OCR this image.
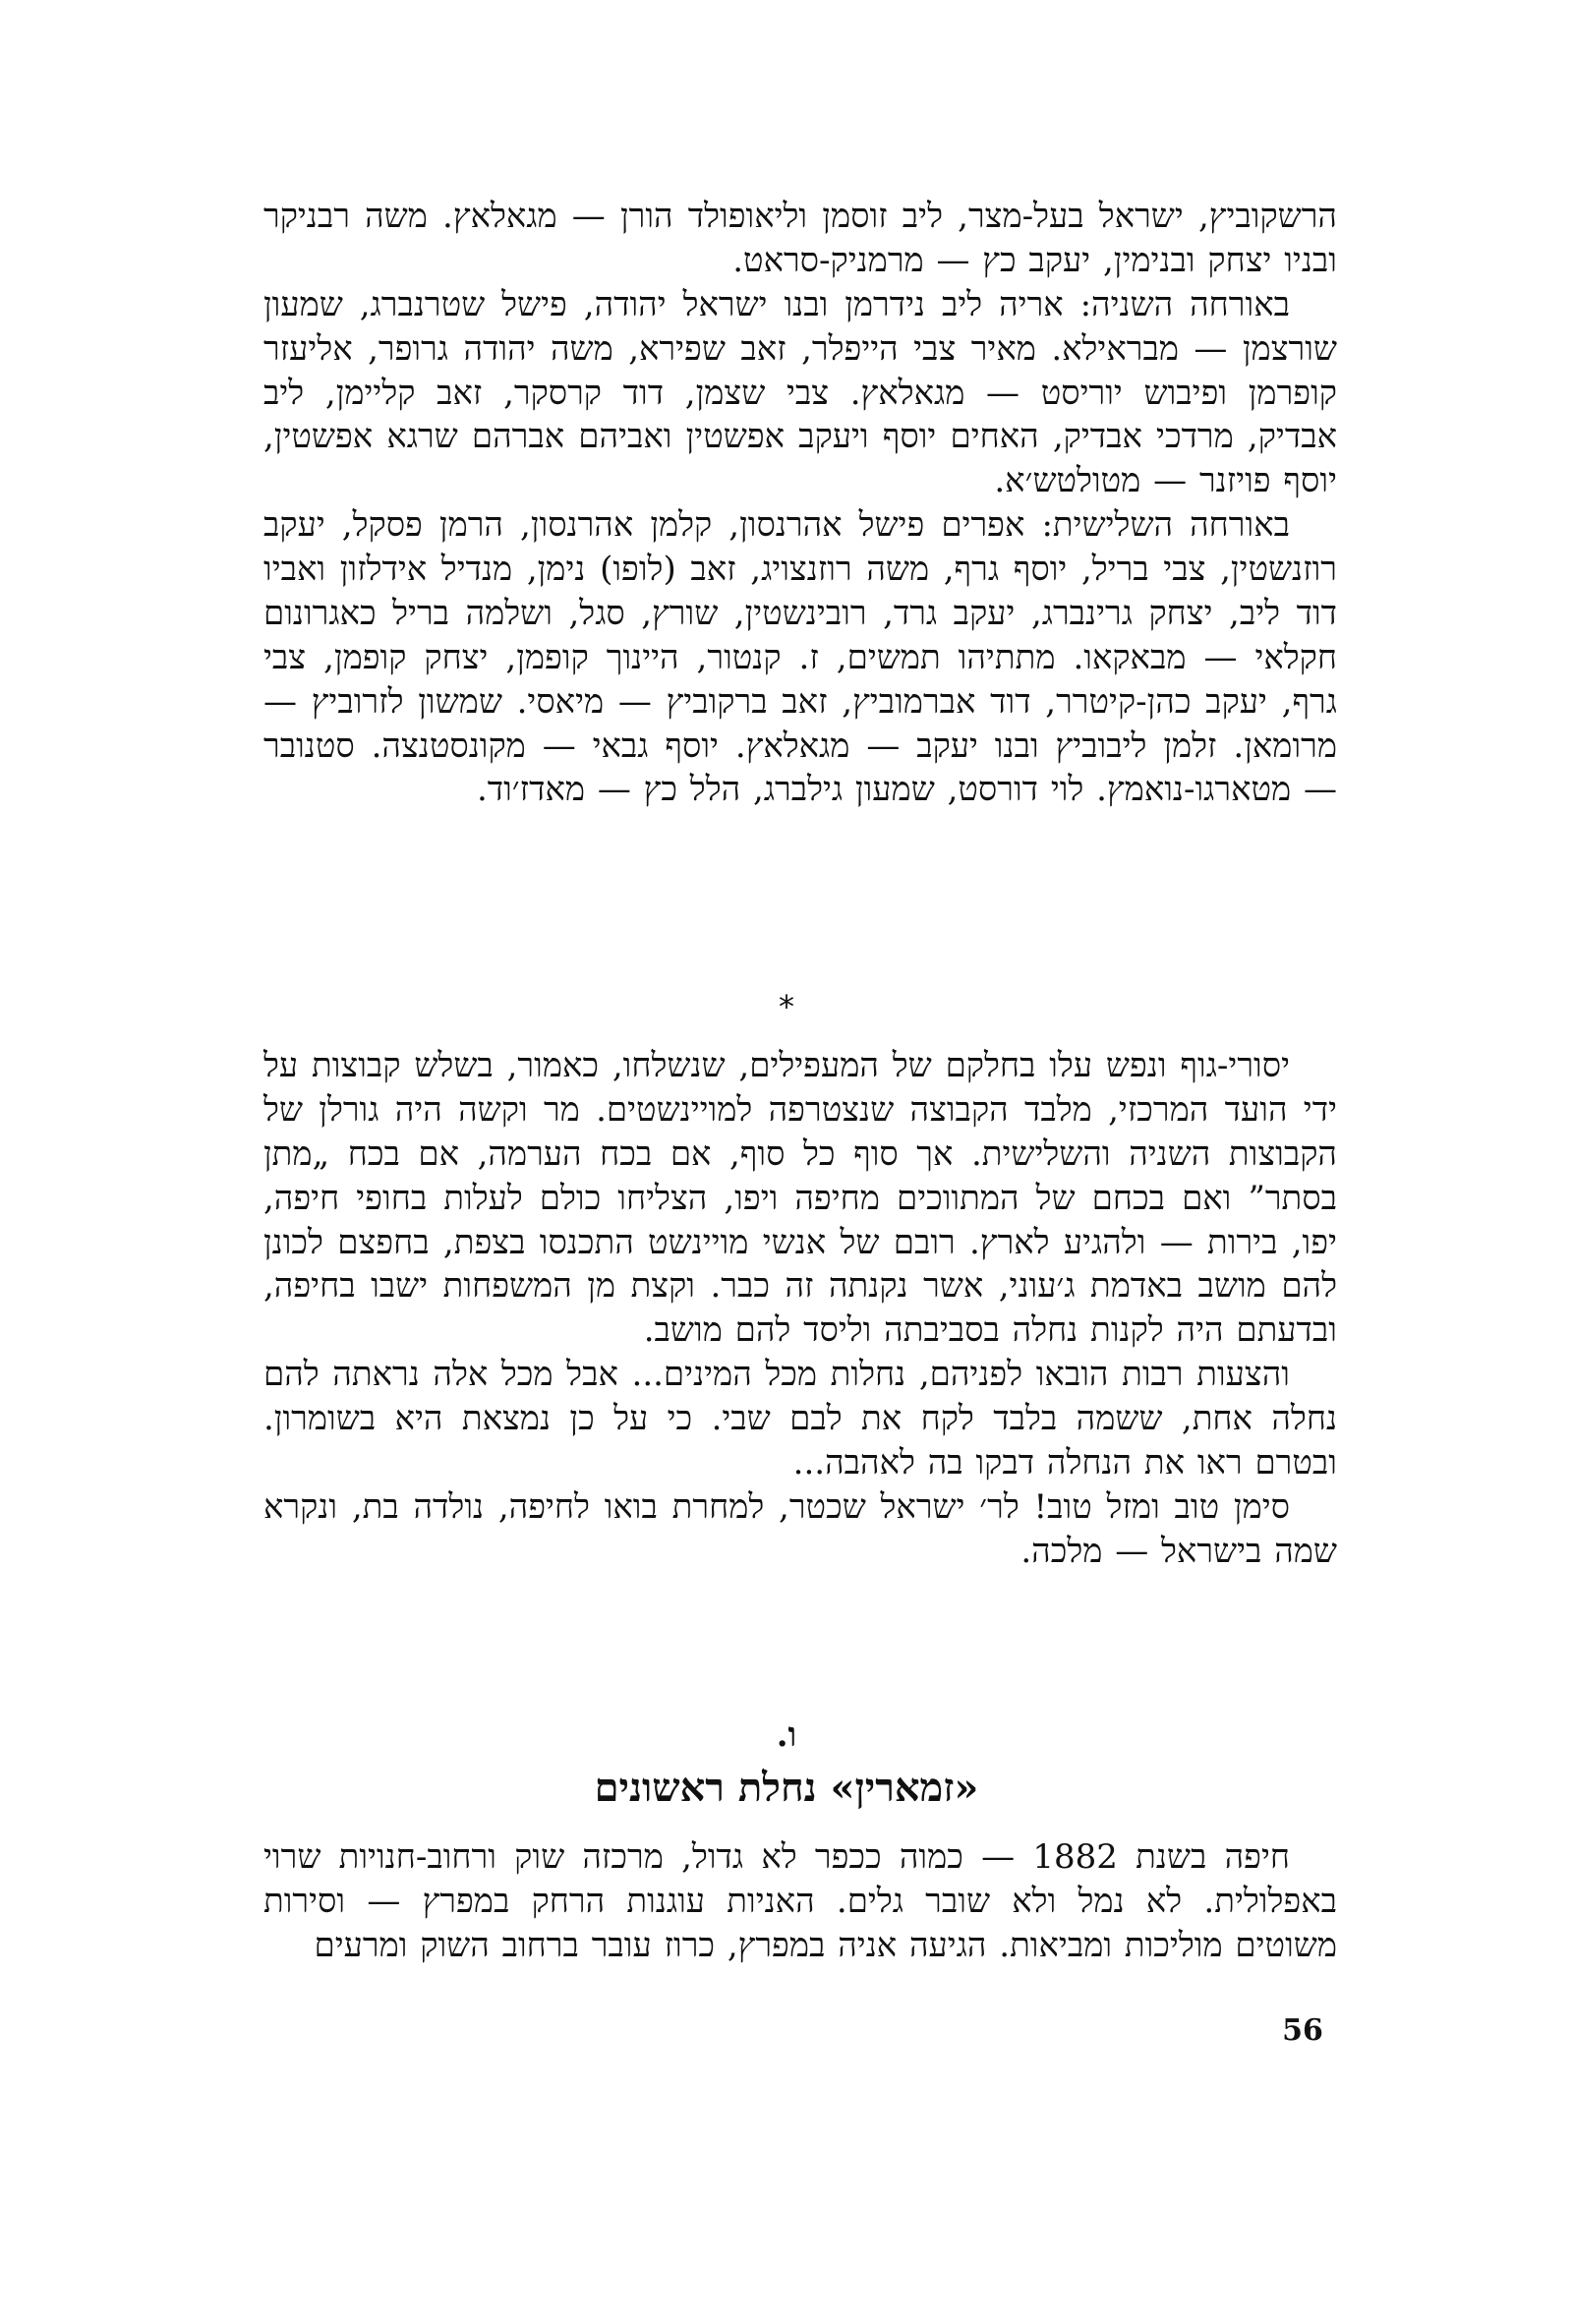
הרשקוביץ, ישראל בעל-מצר, ליב זוסמן וליאופולד הורן — מגאלאץ. משה רבניקר ובניו יצחק ובנימין, יעקב כץ — מרמניק-סראט.

באורחה השניה: אריה ליב נידרמן ובנו ישראל יהודה, פישל שטרנברג, שמעון שורצמן — מבראילא. מאיר צבי הייפלר, זאב שפירא, משה יהודה גרופר, אליעזר קופרמן ופיבוש יוריסט — מגאלאץ. צבי שצמן, דוד קרסקר, זאב קליימן, ליב אבדיק, מרדכי אבדיק, האחים יוסף ויעקב אפשטין ואביהם אברהם שרגא אפשטין, יוסף פויזנר — מטולטש׳א.

באורחה השלישית: אפרים פישל אהרנסון, קלמן אהרנסון, הרמן פסקל, יעקב רוזנשטין, צבי בריל, יוסף גרף, משה רוזנצויג, זאב (לופו) נימן, מנדיל אידלזון ואביו דוד ליב, יצחק גרינברג, יעקב גרד, רובינשטין, שורץ, סגל, ושלמה בריל כאגרונום חקלאי — מבאקאו. מתתיהו תמשים, ז. קנטור, היינוך קופמן, יצחק קופמן, צבי גרף, יעקב כהן-קיטרר, דוד אברמוביץ, זאב ברקוביץ — מיאסי. שמשון לזרוביץ — מרומאן. זלמן ליבוביץ ובנו יעקב — מגאלאץ. יוסף גבאי — מקונסטנצה. סטנובר — מטארגו-נואמץ. לוי דורסט, שמעון גילברג, הלל כץ — מאדז׳וד.

*

יסורי-גוף ונפש עלו בחלקם של המעפילים, שנשלחו, כאמור, בשלש קבוצות על ידי הועד המרכזי, מלבד הקבוצה שנצטרפה למויינשטים. מר וקשה היה גורלן של הקבוצות השניה והשלישית. אך סוף כל סוף, אם בכח הערמה, אם בכח „מתן בסתר” ואם בכחם של המתווכים מחיפה ויפו, הצליחו כולם לעלות בחופי חיפה, יפו, בירות — ולהגיע לארץ. רובם של אנשי מויינשט התכנסו בצפת, בחפצם לכונן להם מושב באדמת ג׳עוני, אשר נקנתה זה כבר. וקצת מן המשפחות ישבו בחיפה, ובדעתם היה לקנות נחלה בסביבתה וליסד להם מושב.

והצעות רבות הובאו לפניהם, נחלות מכל המינים... אבל מכל אלה נראתה להם נחלה אחת, ששמה בלבד לקח את לבם שבי. כי על כן נמצאת היא בשומרון. ובטרם ראו את הנחלה דבקו בה לאהבה...

סימן טוב ומזל טוב! לר׳ ישראל שכטר, למחרת בואו לחיפה, נולדה בת, ונקרא שמה בישראל — מלכה.

ו.
«זמארין» נחלת ראשונים

חיפה בשנת 1882 — כמוה ככפר לא גדול, מרכזה שוק ורחוב-חנויות שרוי באפלולית. לא נמל ולא שובר גלים. האניות עוגנות הרחק במפרץ — וסירות משוטים מוליכות ומביאות. הגיעה אניה במפרץ, כרוז עובר ברחוב השוק ומרעים

56
